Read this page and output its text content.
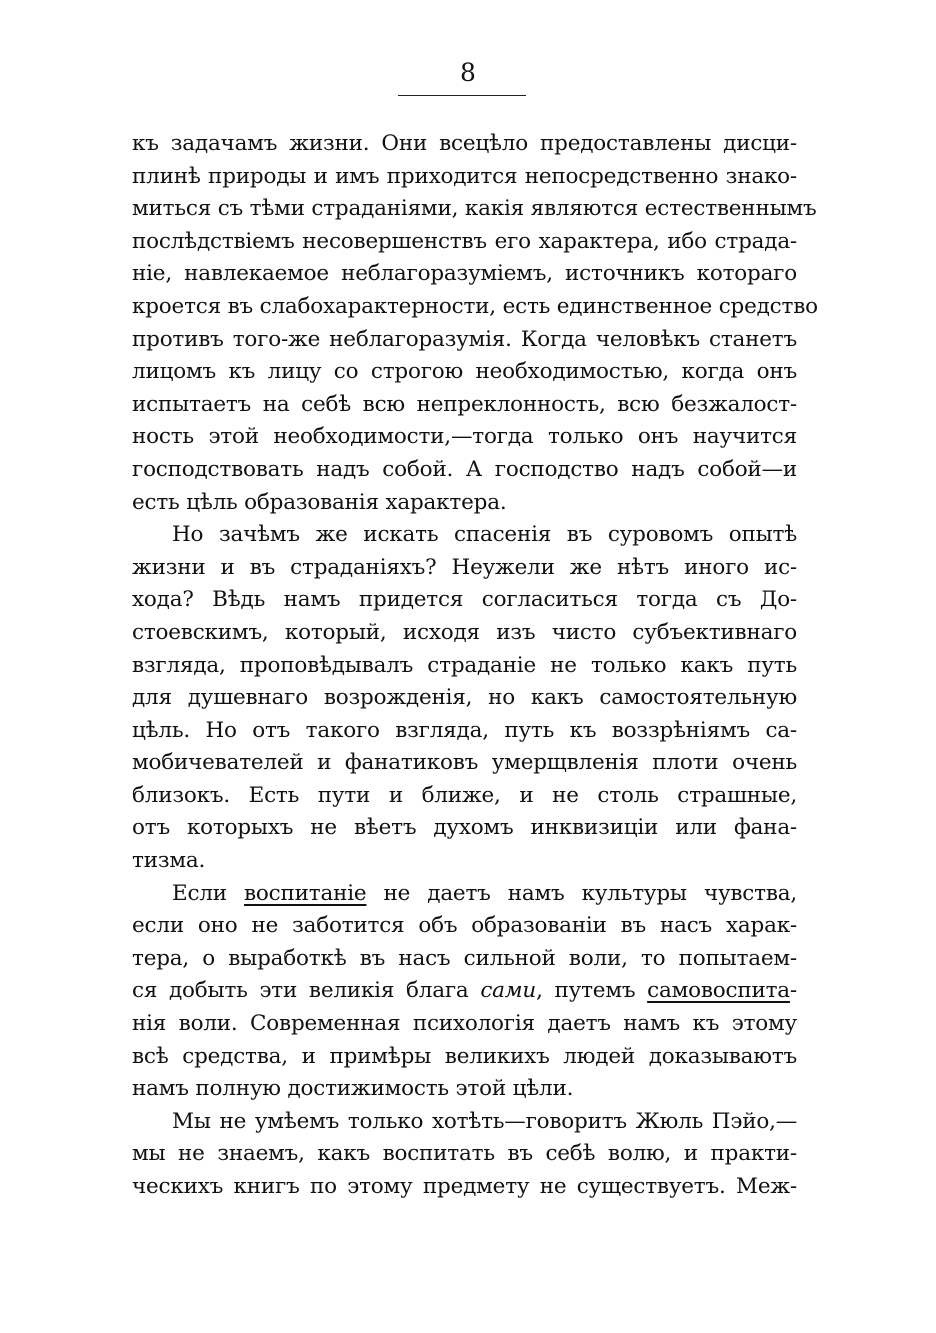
8
къ задачамъ жизни. Они всецѣло предоставлены дисци-
плинѣ природы и имъ приходится непосредственно знако-
миться съ тѣми страданiями, какiя являются естественнымъ
послѣдствiемъ несовершенствъ его характера, ибо страда-
нiе, навлекаемое неблагоразумiемъ, источникъ котораго
кроется въ слабохарактерности, есть единственное средство
противъ того-же неблагоразумiя. Когда человѣкъ станетъ
лицомъ къ лицу со строгою необходимостью, когда онъ
испытаетъ на себѣ всю непреклонность, всю безжалост-
ность этой необходимости,—тогда только онъ научится
господствовать надъ собой. А господство надъ собой—и
есть цѣль образованiя характера.
Но зачѣмъ же искать спасенiя въ суровомъ опытѣ
жизни и въ страданiяхъ? Неужели же нѣтъ иного ис-
хода? Вѣдь намъ придется согласиться тогда съ До-
стоевскимъ, который, исходя изъ чисто субъективнаго
взгляда, проповѣдывалъ страданiе не только какъ путь
для душевнаго возрожденiя, но какъ самостоятельную
цѣль. Но отъ такого взгляда, путь къ воззрѣнiямъ са-
мобичевателей и фанатиковъ умерщвленiя плоти очень
близокъ. Есть пути и ближе, и не столь страшные,
отъ которыхъ не вѣетъ духомъ инквизицiи или фана-
тизма.
Если воспитанiе не даетъ намъ культуры чувства,
если оно не заботится объ образованiи въ насъ харак-
тера, о выработкѣ въ насъ сильной воли, то попытаем-
ся добыть эти великiя блага сами, путемъ самовоспита-
нiя воли. Современная психологiя даетъ намъ къ этому
всѣ средства, и примѣры великихъ людей доказываютъ
намъ полную достижимость этой цѣли.
Мы не умѣемъ только хотѣть—говоритъ Жюль Пэйо,—
мы не знаемъ, какъ воспитать въ себѣ волю, и практи-
ческихъ книгъ по этому предмету не существуетъ. Меж-
